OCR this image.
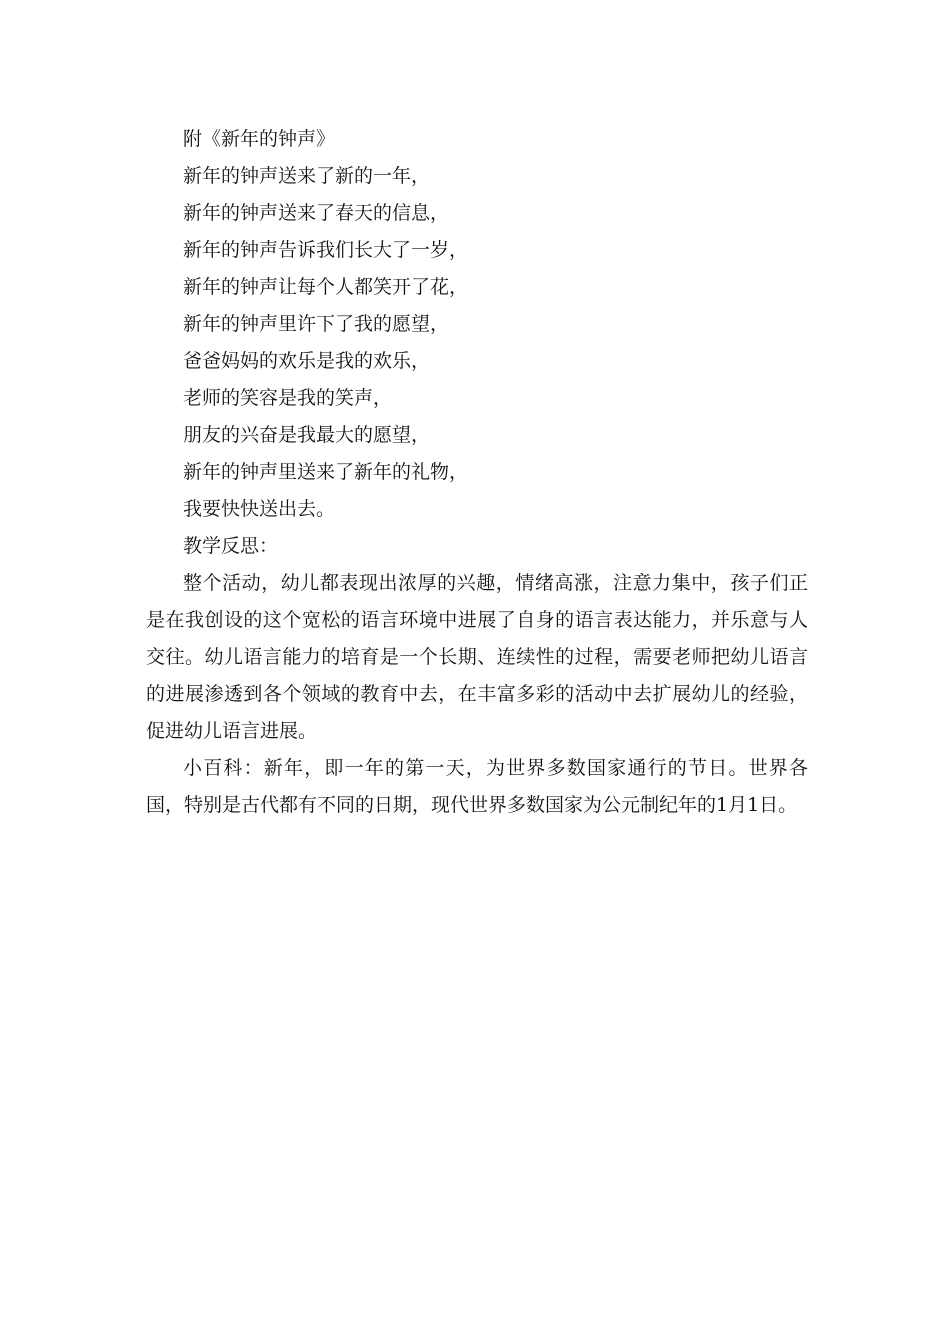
附《新年的钟声》

新年的钟声送来了新的一年，

新年的钟声送来了春天的信息，

新年的钟声告诉我们长大了一岁，

新年的钟声让每个人都笑开了花，

新年的钟声里许下了我的愿望，

爸爸妈妈的欢乐是我的欢乐，

老师的笑容是我的笑声，

朋友的兴奋是我最大的愿望，

新年的钟声里送来了新年的礼物，

我要快快送出去。

教学反思：

整个活动，幼儿都表现出浓厚的兴趣，情绪高涨，注意力集中，孩子们正是在我创设的这个宽松的语言环境中进展了自身的语言表达能力，并乐意与人交往。幼儿语言能力的培育是一个长期、连续性的过程，需要老师把幼儿语言的进展渗透到各个领域的教育中去，在丰富多彩的活动中去扩展幼儿的经验，促进幼儿语言进展。

小百科：新年，即一年的第一天，为世界多数国家通行的节日。世界各国，特别是古代都有不同的日期，现代世界多数国家为公元制纪年的1月1日。
